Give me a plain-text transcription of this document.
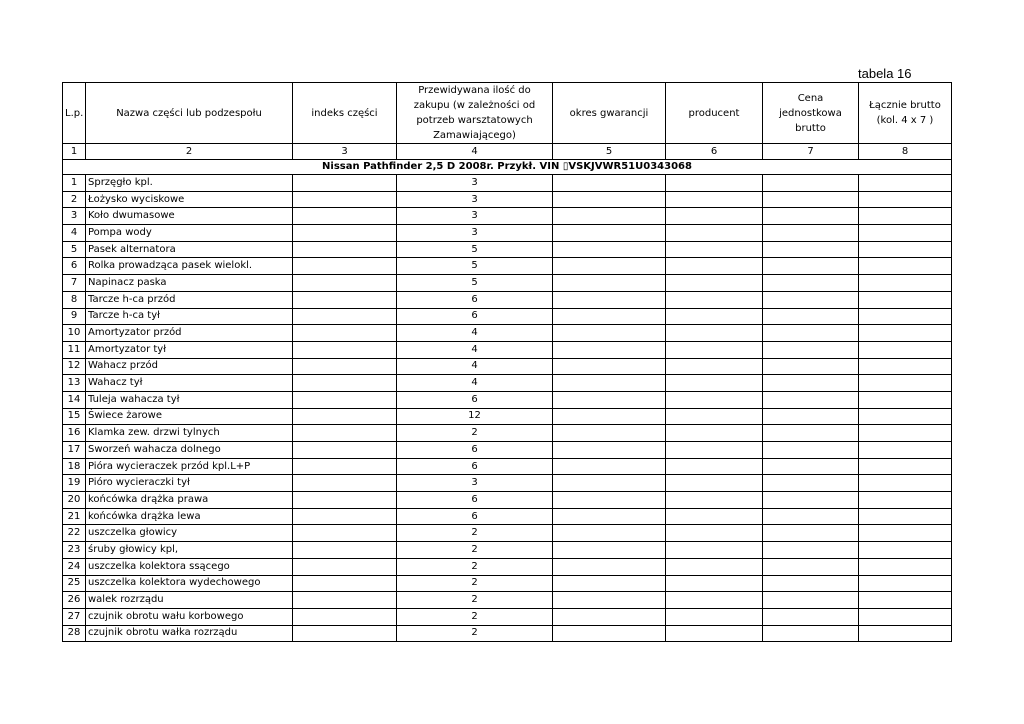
tabela 16
L.p.	Nazwa części lub podzespołu	indeks części	Przewidywana ilość do zakupu (w zależności od potrzeb warsztatowych Zamawiającego)	okres gwarancji	producent	Cena jednostkowa brutto	Łącznie brutto (kol. 4 x 7 )
1	2	3	4	5	6	7	8
Nissan Pathfinder 2,5 D 2008r. Przykł. VIN ▯VSKJVWR51U0343068							
1	Sprzęgło kpl.		3				
2	Łożysko wyciskowe		3				
3	Koło dwumasowe		3				
4	Pompa wody		3				
5	Pasek alternatora		5				
6	Rolka prowadząca pasek wielokl.		5				
7	Napinacz paska		5				
8	Tarcze h-ca przód		6				
9	Tarcze h-ca tył		6				
10	Amortyzator przód		4				
11	Amortyzator tył		4				
12	Wahacz przód		4				
13	Wahacz tył		4				
14	Tuleja wahacza tył		6				
15	Świece żarowe		12				
16	Klamka zew. drzwi tylnych		2				
17	Sworzeń wahacza dolnego		6				
18	Pióra wycieraczek przód kpl.L+P		6				
19	Pióro wycieraczki tył		3				
20	końcówka drążka prawa		6				
21	końcówka drążka lewa		6				
22	uszczelka głowicy		2				
23	śruby głowicy kpl,		2				
24	uszczelka kolektora ssącego		2				
25	uszczelka kolektora wydechowego		2				
26	walek rozrządu		2				
27	czujnik obrotu wału korbowego		2				
28	czujnik obrotu wałka rozrządu		2				
